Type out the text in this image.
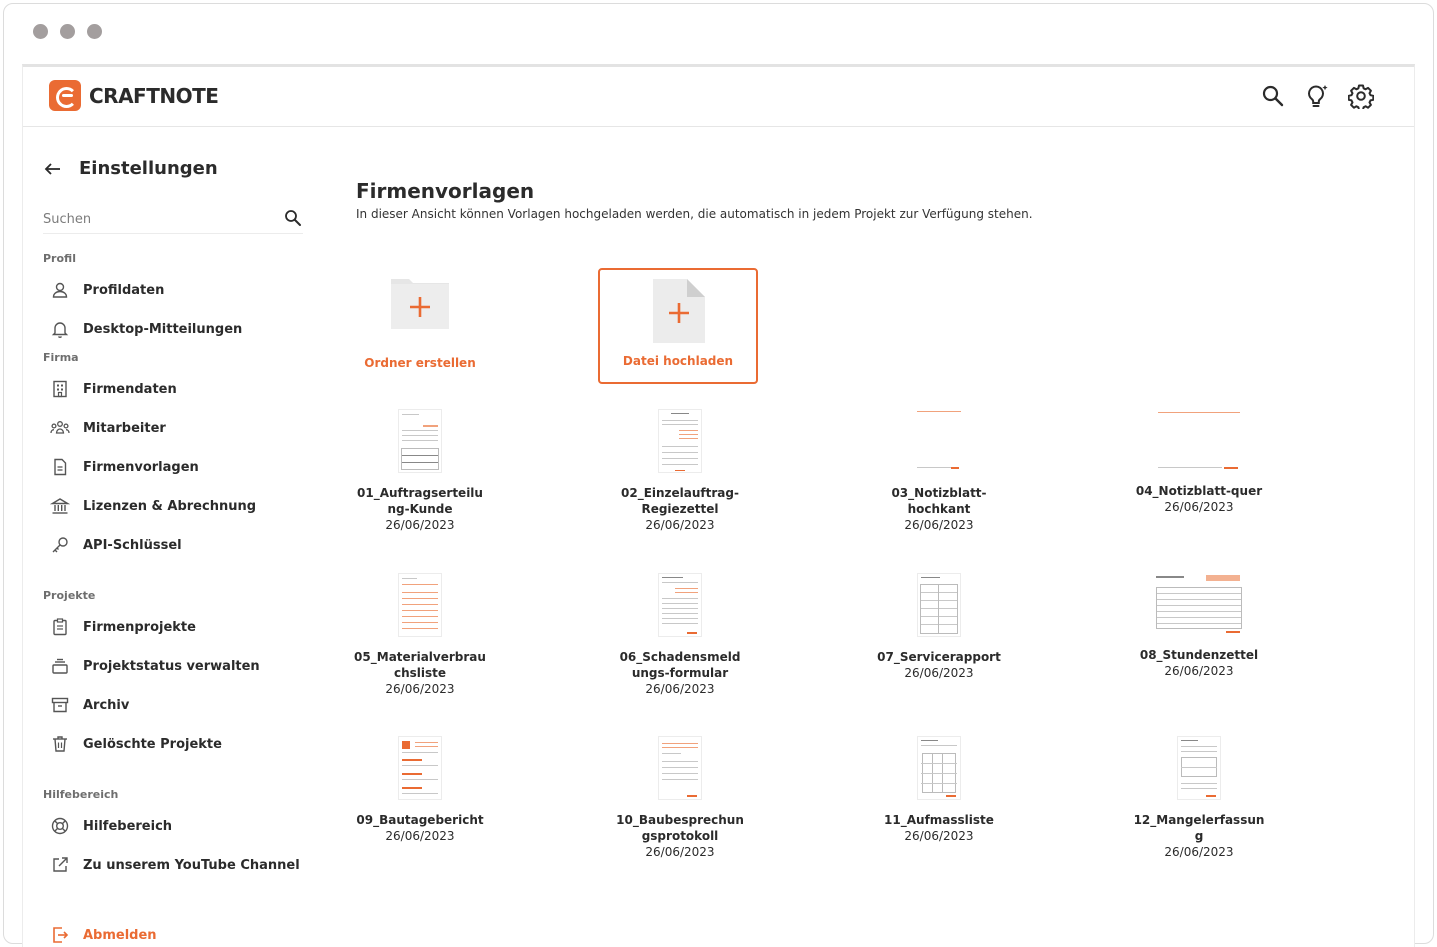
CRAFTNOTE
Einstellungen
Suchen
Profil
Profildaten
Desktop-Mitteilungen
Firma
Firmendaten
Mitarbeiter
Firmenvorlagen
Lizenzen & Abrechnung
API-Schlüssel
Projekte
Firmenprojekte
Projektstatus verwalten
Archiv
Gelöschte Projekte
Hilfebereich
Hilfebereich
Zu unserem YouTube Channel
Abmelden
Firmenvorlagen

In dieser Ansicht können Vorlagen hochgeladen werden, die automatisch in jedem Projekt zur Verfügung stehen.

Ordner erstellen	Datei hochladen
01_Auftragserteilu
ng-Kunde
26/06/2023
02_Einzelauftrag-
Regiezettel
26/06/2023
03_Notizblatt-
hochkant
26/06/2023
04_Notizblatt-quer
26/06/2023
05_Materialverbrau
chsliste
26/06/2023
06_Schadensmeld
ungs-formular
26/06/2023
07_Servicerapport
26/06/2023
08_Stundenzettel
26/06/2023
09_Bautagebericht
26/06/2023
10_Baubesprechun
gsprotokoll
26/06/2023
11_Aufmassliste
26/06/2023
12_Mangelerfassun
g
26/06/2023
